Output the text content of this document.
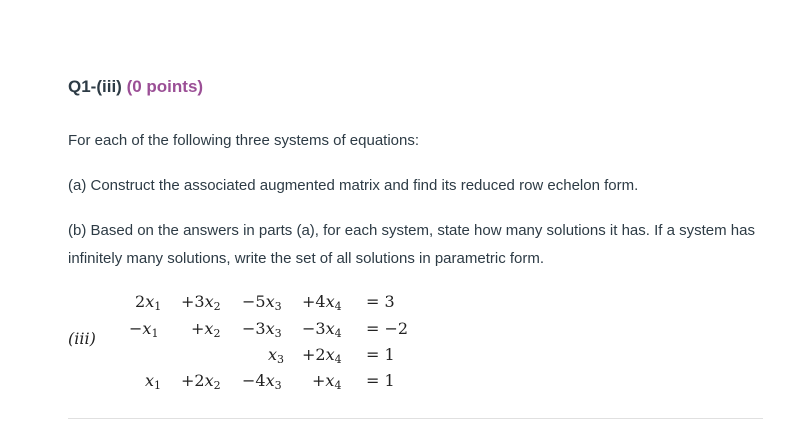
Q1-(iii) (0 points)
For each of the following three systems of equations:
(a) Construct the associated augmented matrix and find its reduced row echelon form.
(b) Based on the answers in parts (a), for each system, state how many solutions it has. If a system has infinitely many solutions, write the set of all solutions in parametric form.
(iii)
$2x_1 +3x_2 -5x_3 +4x_4 = 3$
$-x_1 +x_2 -3x_3 -3x_4 = -2$
$x_3 +2x_4 = 1$
$x_1 +2x_2 -4x_3 +x_4 = 1$
